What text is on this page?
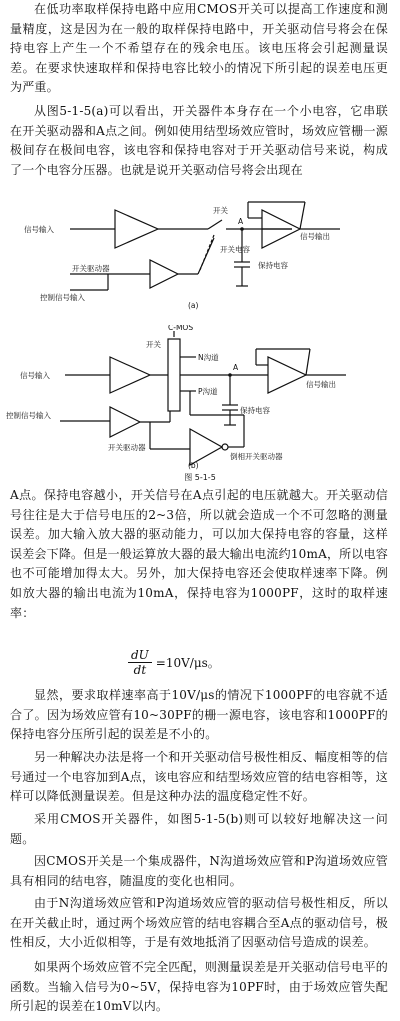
在低功率取样保持电路中应用CMOS开关可以提高工作速度和测量精度，这是因为在一般的取样保持电路中，开关驱动信号将会在保持电容上产生一个不希望存在的残余电压。该电压将会引起测量误差。在要求快速取样和保持电容比较小的情况下所引起的误差电压更为严重。

从图5-1-5(a)可以看出，开关器件本身存在一个小电容，它串联在开关驱动器和A点之间。例如使用结型场效应管时，场效应管栅一源极间存在极间电容，该电容和保持电容对于开关驱动信号来说，构成了一个电容分压器。也就是说开关驱动信号将会出现在

信号输入
开关
开关电容
A
保持电容
信号输出
开关驱动器
控制信号输入
(a)
C-MOS
开关
N沟道
P沟道
信号输入
A
信号输出
保持电容
控制信号输入
开关驱动器
倒相开关驱动器
(b)
图 5-1-5

A点。保持电容越小，开关信号在A点引起的电压就越大。开关驱动信号往往是大于信号电压的2~3倍，所以就会造成一个不可忽略的测量误差。加大输入放大器的驱动能力，可以加大保持电容的容量，这样误差会下降。但是一般运算放大器的最大输出电流约10mA，所以电容也不可能增加得太大。另外，加大保持电容还会使取样速率下降。例如放大器的输出电流为10mA，保持电容为1000PF，这时的取样速率：

$\frac{dU}{dt} =10V/\mu s$。

显然，要求取样速率高于10V/μs的情况下1000PF的电容就不适合了。因为场效应管有10~30PF的栅一源电容，该电容和1000PF的保持电容分压所引起的误差是不小的。

另一种解决办法是将一个和开关驱动信号极性相反、幅度相等的信号通过一个电容加到A点，该电容应和结型场效应管的结电容相等，这样可以降低测量误差。但是这种办法的温度稳定性不好。

采用CMOS开关器件，如图5-1-5(b)则可以较好地解决这一问题。

因CMOS开关是一个集成器件，N沟道场效应管和P沟道场效应管具有相同的结电容，随温度的变化也相同。

由于N沟道场效应管和P沟道场效应管的驱动信号极性相反，所以在开关截止时，通过两个场效应管的结电容耦合至A点的驱动信号，极性相反，大小近似相等，于是有效地抵消了因驱动信号造成的误差。

如果两个场效应管不完全匹配，则测量误差是开关驱动信号电平的函数。当输入信号为0~5V，保持电容为10PF时，由于场效应管失配所引起的误差在10mV以内。
